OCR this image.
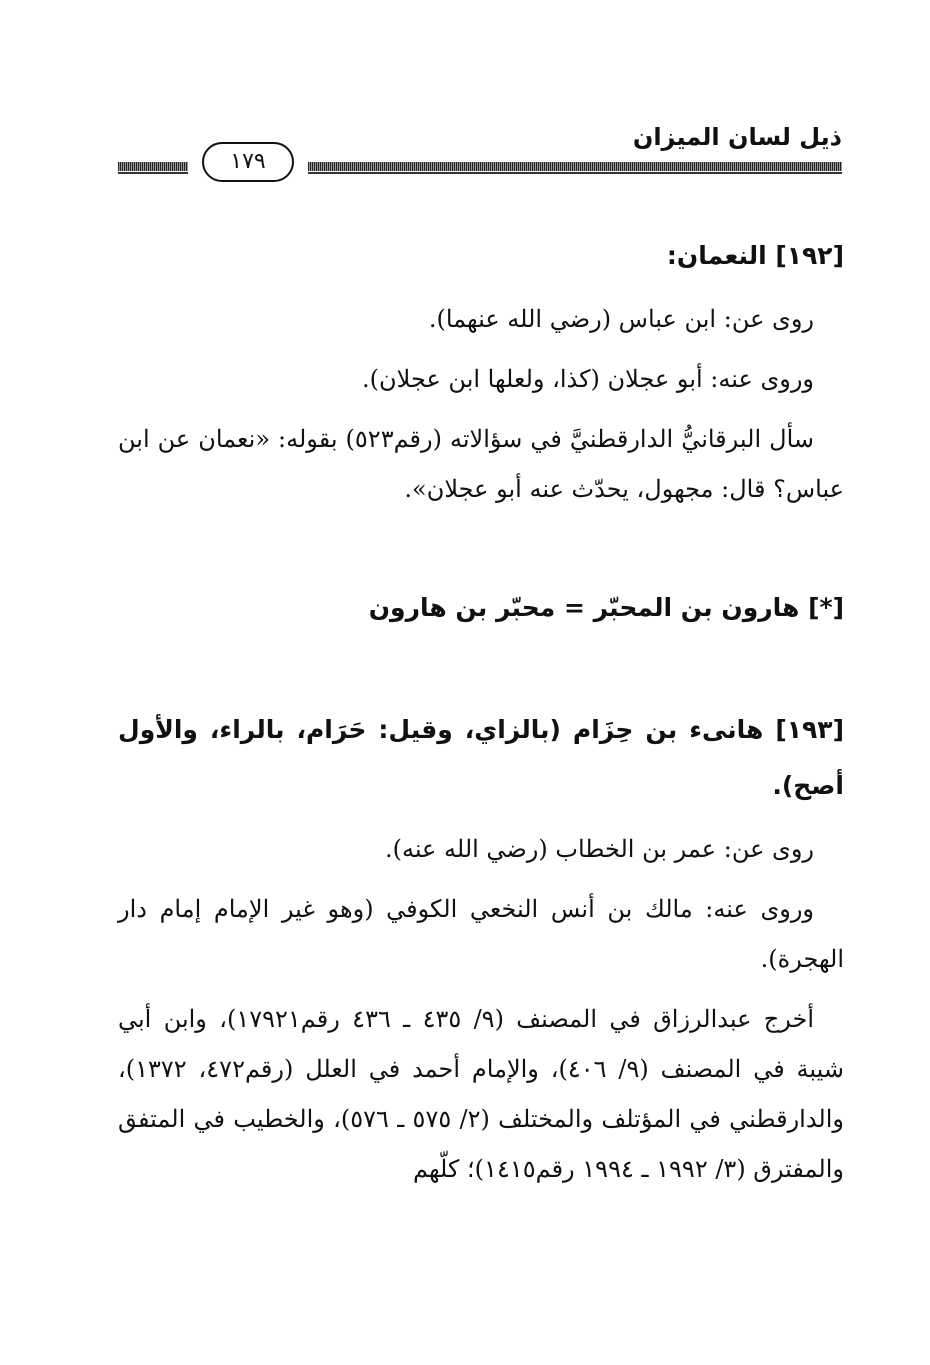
ذيل لسان الميزان
١٧٩

[١٩٢] النعمان:

روى عن: ابن عباس (رضي الله عنهما).

وروى عنه: أبو عجلان (كذا، ولعلها ابن عجلان).

سأل البرقانيُّ الدارقطنيَّ في سؤالاته (رقم٥٢٣) بقوله: «نعمان عن ابن عباس؟ قال: مجهول، يحدّث عنه أبو عجلان».

[*] هارون بن المحبّر = محبّر بن هارون

[١٩٣] هانىء بن حِزَام (بالزاي، وقيل: حَرَام، بالراء، والأول أصح).

روى عن: عمر بن الخطاب (رضي الله عنه).

وروى عنه: مالك بن أنس النخعي الكوفي (وهو غير الإمام إمام دار الهجرة).

أخرج عبدالرزاق في المصنف (٩/ ٤٣٥ ـ ٤٣٦ رقم١٧٩٢١)، وابن أبي شيبة في المصنف (٩/ ٤٠٦)، والإمام أحمد في العلل (رقم٤٧٢، ١٣٧٢)، والدارقطني في المؤتلف والمختلف (٢/ ٥٧٥ ـ ٥٧٦)، والخطيب في المتفق والمفترق (٣/ ١٩٩٢ ـ ١٩٩٤ رقم١٤١٥)؛ كلّهم
